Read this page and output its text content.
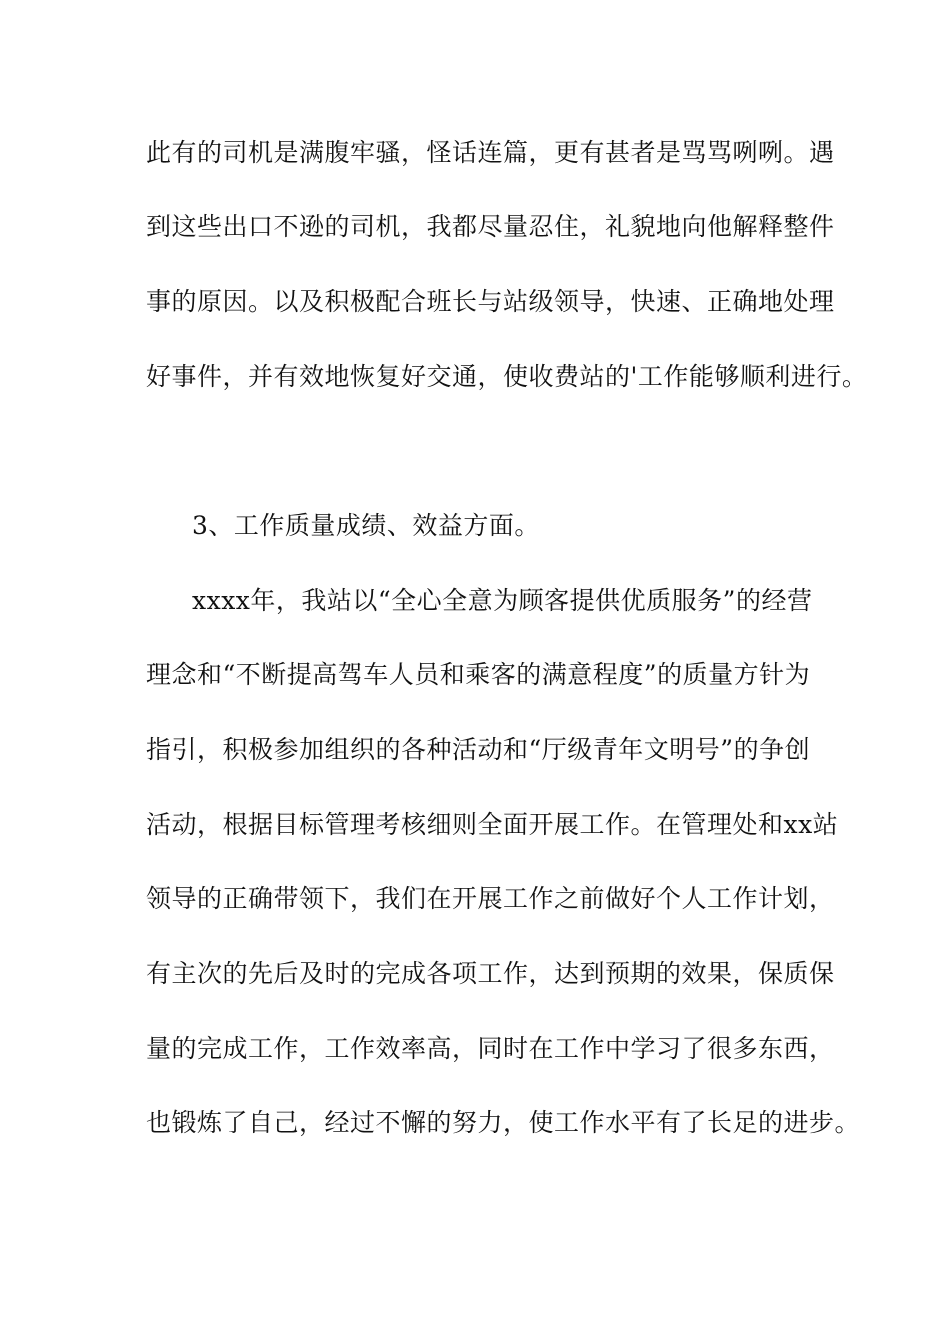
此有的司机是满腹牢骚，怪话连篇，更有甚者是骂骂咧咧。遇
到这些出口不逊的司机，我都尽量忍住，礼貌地向他解释整件
事的原因。以及积极配合班长与站级领导，快速、正确地处理
好事件，并有效地恢复好交通，使收费站的'工作能够顺利进行。
3、工作质量成绩、效益方面。
xxxx年，我站以“全心全意为顾客提供优质服务”的经营
理念和“不断提高驾车人员和乘客的满意程度”的质量方针为
指引，积极参加组织的各种活动和“厅级青年文明号”的争创
活动，根据目标管理考核细则全面开展工作。在管理处和xx站
领导的正确带领下，我们在开展工作之前做好个人工作计划，
有主次的先后及时的完成各项工作，达到预期的效果，保质保
量的完成工作，工作效率高，同时在工作中学习了很多东西，
也锻炼了自己，经过不懈的努力，使工作水平有了长足的进步。
